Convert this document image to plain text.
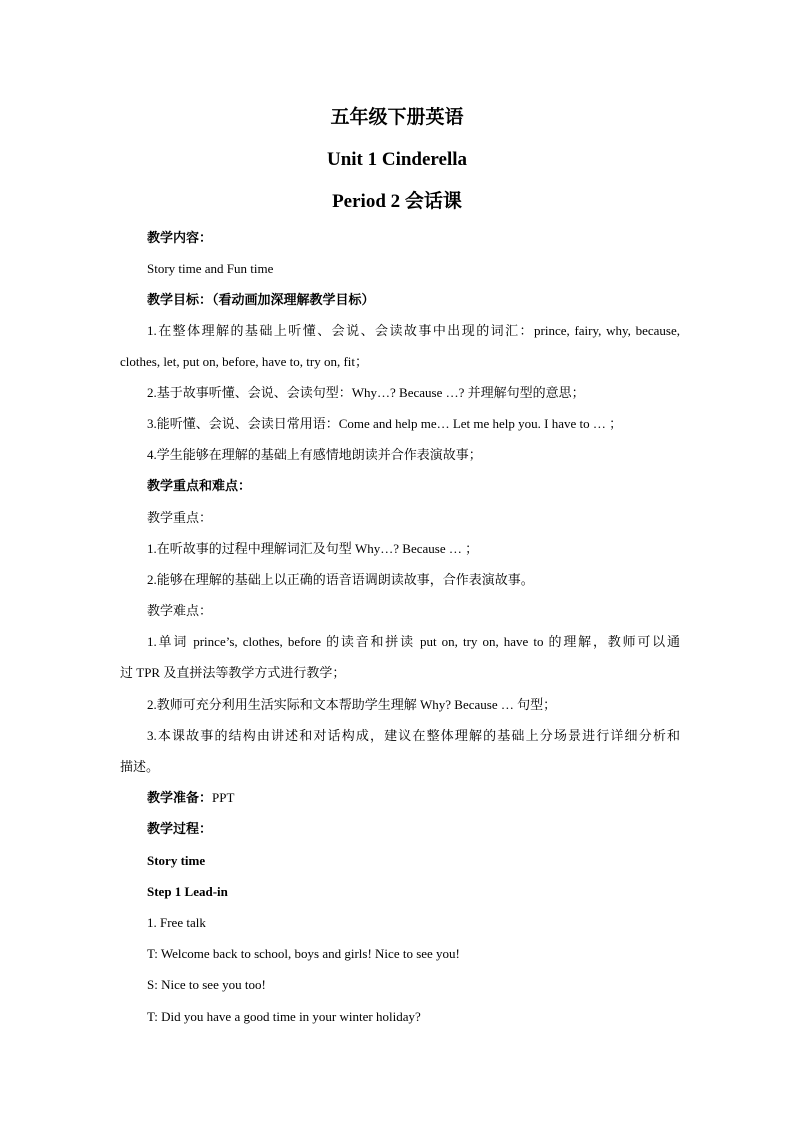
五年级下册英语
Unit 1 Cinderella
Period 2 会话课
教学内容：
Story time and Fun time
教学目标：（看动画加深理解教学目标）
1.在整体理解的基础上听懂、会说、会读故事中出现的词汇：prince, fairy, why, because,
clothes, let, put on, before, have to, try on, fit；
2.基于故事听懂、会说、会读句型：Why…? Because …? 并理解句型的意思；
3.能听懂、会说、会读日常用语：Come and help me… Let me help you. I have to … ；
4.学生能够在理解的基础上有感情地朗读并合作表演故事；
教学重点和难点：
教学重点：
1.在听故事的过程中理解词汇及句型 Why…? Because … ；
2.能够在理解的基础上以正确的语音语调朗读故事，合作表演故事。
教学难点：
1.单词 prince’s, clothes, before 的读音和拼读 put on, try on, have to 的理解，教师可以通
过 TPR 及直拼法等教学方式进行教学；
2.教师可充分利用生活实际和文本帮助学生理解 Why? Because … 句型；
3.本课故事的结构由讲述和对话构成，建议在整体理解的基础上分场景进行详细分析和
描述。
教学准备：PPT
教学过程：
Story time
Step 1 Lead-in
1. Free talk
T: Welcome back to school, boys and girls! Nice to see you!
S: Nice to see you too!
T: Did you have a good time in your winter holiday?
